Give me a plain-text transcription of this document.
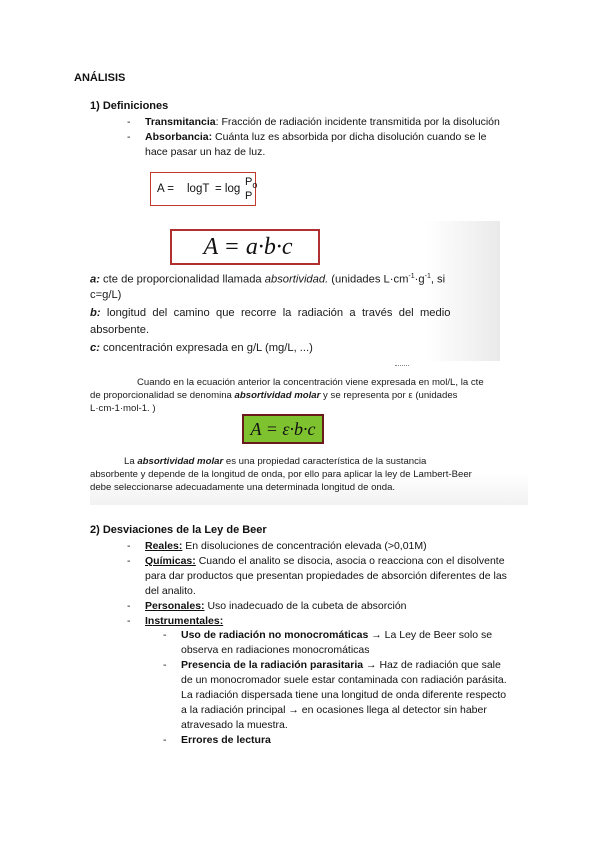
ANÁLISIS
1) Definiciones
- Transmitancia: Fracción de radiación incidente transmitida por la disolución
- Absorbancia: Cuánta luz es absorbida por dicha disolución cuando se le
hace pasar un haz de luz.
A = logT = log
$P_o$
P
A = a·b·c
a: cte de proporcionalidad llamada absortividad. (unidades $L\cdot cm^{-1}\cdot g^{-1}$, si
c=g/L)
b: longitud del camino que recorre la radiación a través del medio
absorbente.
c: concentración expresada en g/L (mg/L, ...)
Cuando en la ecuación anterior la concentración viene expresada en mol/L, la cte
de proporcionalidad se denomina absortividad molar y se representa por ε (unidades
L·cm-1·mol-1. )
A = ε·b·c
La absortividad molar es una propiedad característica de la sustancia
absorbente y depende de la longitud de onda, por ello para aplicar la ley de Lambert-Beer
debe seleccionarse adecuadamente una determinada longitud de onda.
2) Desviaciones de la Ley de Beer
- Reales: En disoluciones de concentración elevada (>0,01M)
- Químicas: Cuando el analito se disocia, asocia o reacciona con el disolvente
para dar productos que presentan propiedades de absorción diferentes de las
del analito.
- Personales: Uso inadecuado de la cubeta de absorción
- Instrumentales:
- Uso de radiación no monocromáticas → La Ley de Beer solo se
observa en radiaciones monocromáticas
- Presencia de la radiación parasitaria → Haz de radiación que sale
de un monocromador suele estar contaminada con radiación parásita.
La radiación dispersada tiene una longitud de onda diferente respecto
a la radiación principal → en ocasiones llega al detector sin haber
atravesado la muestra.
- Errores de lectura
